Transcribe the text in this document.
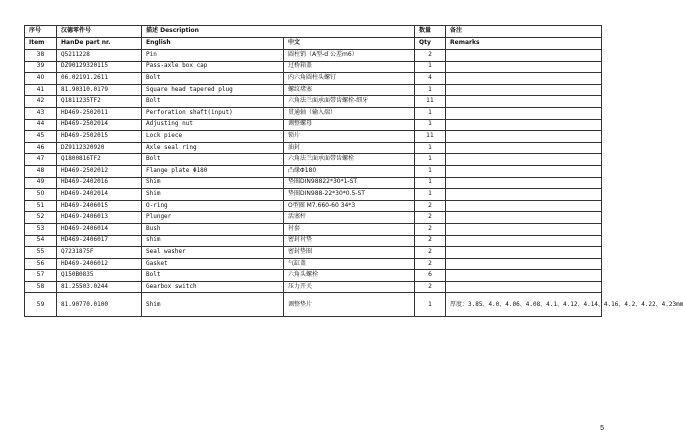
序号	汉德零件号	描述 Description		数量	备注
Item	HanDe part nr.	English	中文	Qty	Remarks
38	Q5211228	Pin	圆柱销（A型-d 公差m6）	2	
39	DZ90129320115	Pass-axle box cap	过桥箱盖	1	
40	06.02191.2611	Bolt	内六角圆柱头螺钉	4	
41	81.90310.0179	Square head tapered plug	螺纹堵塞	1	
42	Q1811235TF2	Bolt	六角法兰面承面带齿螺栓-细牙	11	
43	HD469-2502011	Perforation shaft(input)	贯通轴（输入端）	1	
44	HD469-2502014	Adjusting nut	调整螺母	1	
45	HD469-2502015	Lock piece	锁片	11	
46	DZ9112320920	Axle seal ring	油封	1	
47	Q1800816TF2	Bolt	六角法兰面承面带齿螺栓	1	
48	HD469-2502012	Flange plate Φ180	凸缘Φ180	1	
49	HD469-2402016	Shim	垫圈DIN98822*30*1-ST	1	
50	HD469-2402014	Shim	垫圈DIN988-22*30*0.5-ST	1	
51	HD469-2406015	O-ring	O型圈 M7.660-60 34*3	2	
52	HD469-2406013	Plunger	活塞杆	2	
53	HD469-2406014	Bush	衬套	2	
54	HD469-2406017	shim	密封衬垫	2	
55	Q7231875F	Seal washer	密封垫圈	2	
56	HD469-2406012	Gasket	气缸盖	2	
57	Q150B0835	Bolt	六角头螺栓	6	
58	81.25503.0244	Gearbox switch	压力开关	2	
59	81.90770.0100	Shim	调整垫片	1	厚度：3.85、4.0、4.06、4.08、4.1、4.12、4.14、4.16、4.2、4.22、4.23mm
5
